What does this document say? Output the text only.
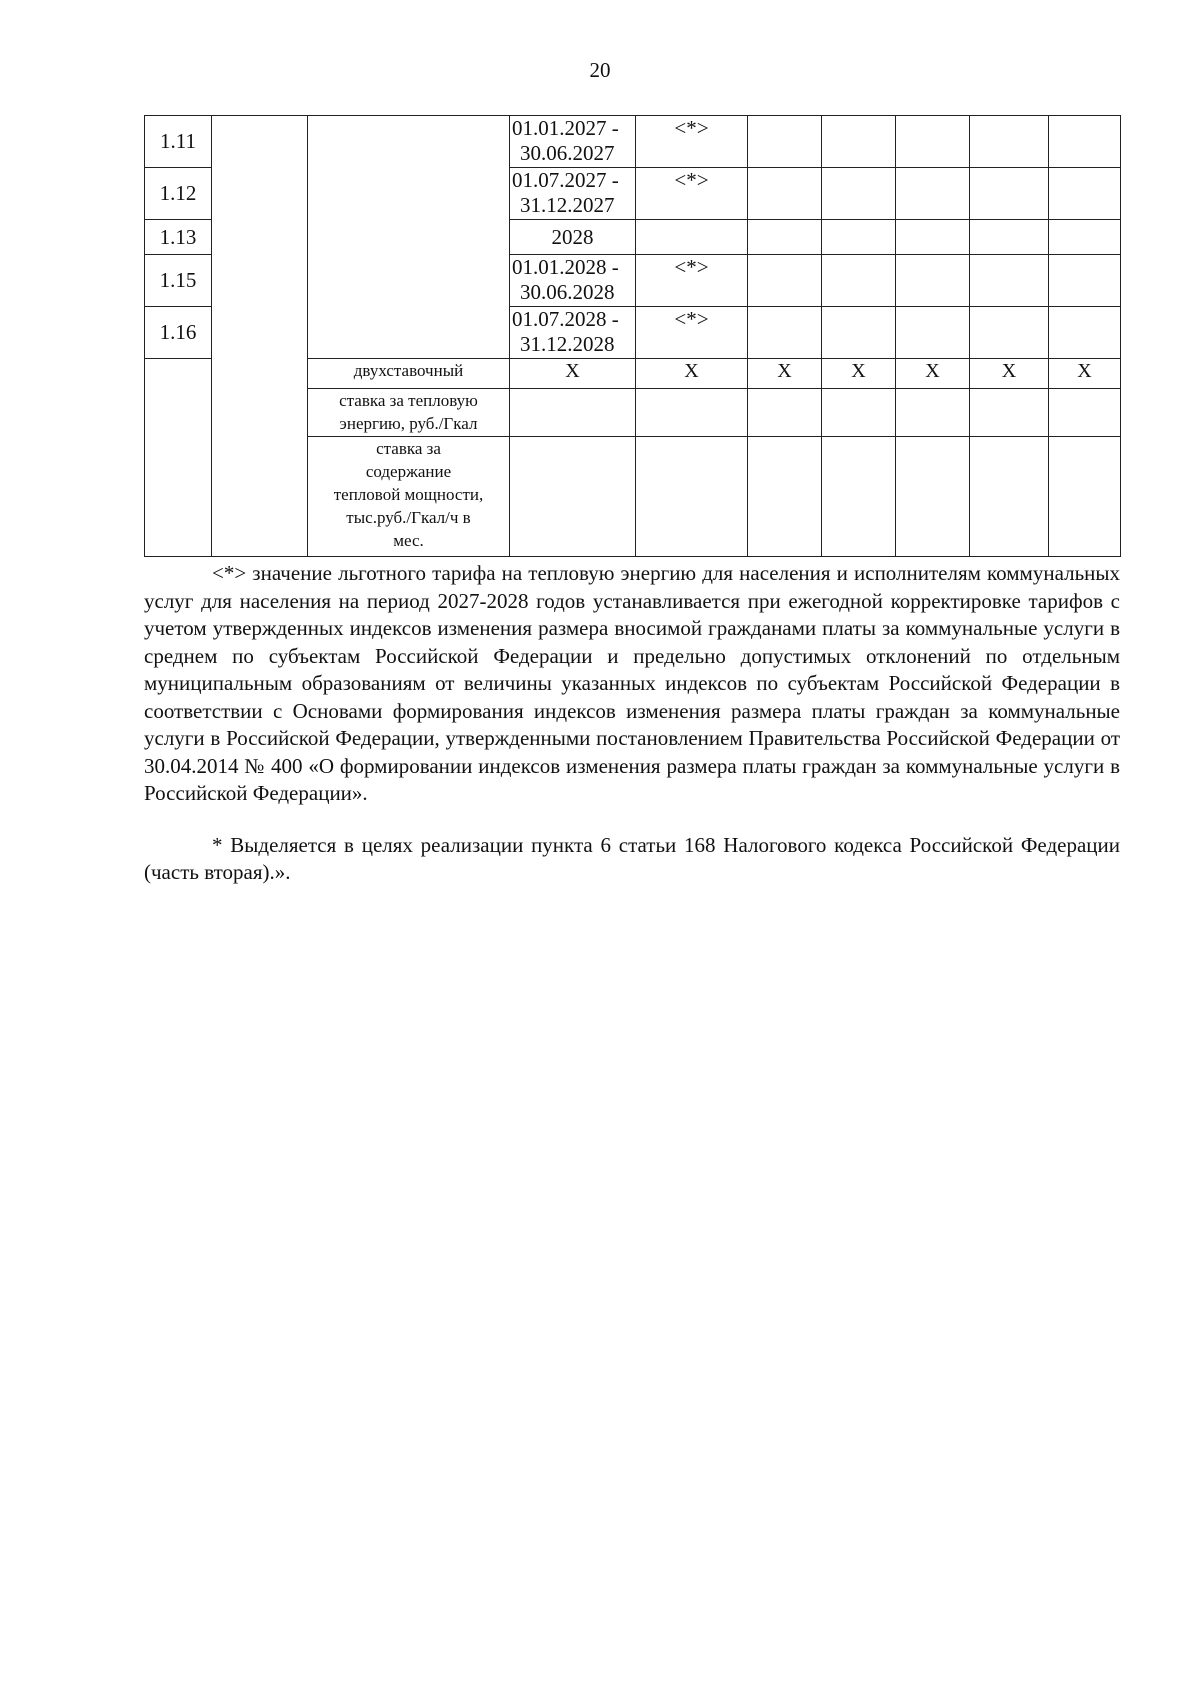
20
1.11			01.01.2027 -
30.06.2027	<*>					
1.12			01.07.2027 -
31.12.2027	<*>					
1.13			2028						
1.15			01.01.2028 -
30.06.2028	<*>					
1.16			01.07.2028 -
31.12.2028	<*>					
		двухставочный	X	X	X	X	X	X	X
		ставка за тепловую
энергию, руб./Гкал							
		ставка за
содержание
тепловой мощности,
тыс.руб./Гкал/ч в
мес.							

<*> значение льготного тарифа на тепловую энергию для населения и исполнителям коммунальных услуг для населения на период 2027-2028 годов устанавливается при ежегодной корректировке тарифов с учетом утвержденных индексов изменения размера вносимой гражданами платы за коммунальные услуги в среднем по субъектам Российской Федерации и предельно допустимых отклонений по отдельным муниципальным образованиям от величины указанных индексов по субъектам Российской Федерации в соответствии с Основами формирования индексов изменения размера платы граждан за коммунальные услуги в Российской Федерации, утвержденными постановлением Правительства Российской Федерации от 30.04.2014 № 400 «О формировании индексов изменения размера платы граждан за коммунальные услуги в Российской Федерации».

* Выделяется в целях реализации пункта 6 статьи 168 Налогового кодекса Российской Федерации (часть вторая).».
